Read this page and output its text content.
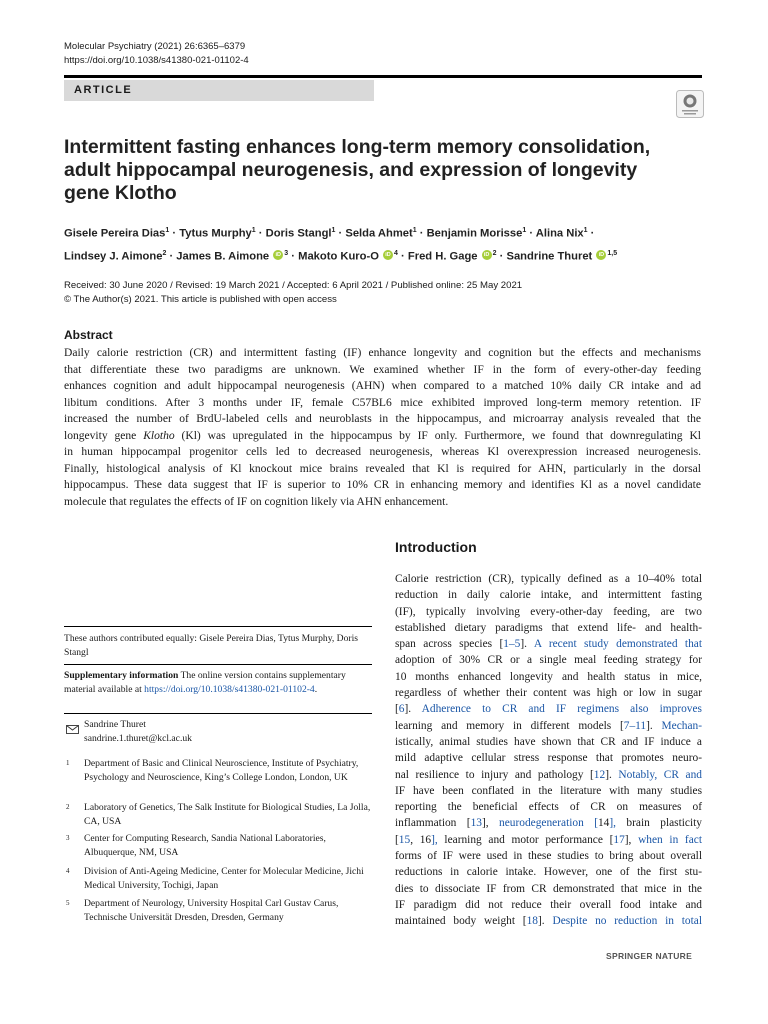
Molecular Psychiatry (2021) 26:6365–6379
https://doi.org/10.1038/s41380-021-01102-4
ARTICLE
Intermittent fasting enhances long-term memory consolidation, adult hippocampal neurogenesis, and expression of longevity gene Klotho
Gisele Pereira Dias$^1$ · Tytus Murphy$^1$ · Doris Stangl$^1$ · Selda Ahmet$^1$ · Benjamin Morisse$^1$ · Alina Nix$^1$ ·
Lindsey J. Aimone$^2$ · James B. Aimone iD $^3$ · Makoto Kuro-O iD $^4$ · Fred H. Gage iD $^2$ · Sandrine Thuret iD $^{1,5}$
Received: 30 June 2020 / Revised: 19 March 2021 / Accepted: 6 April 2021 / Published online: 25 May 2021
© The Author(s) 2021. This article is published with open access
Abstract
Daily calorie restriction (CR) and intermittent fasting (IF) enhance longevity and cognition but the effects and mechanisms
that differentiate these two paradigms are unknown. We examined whether IF in the form of every-other-day feeding
enhances cognition and adult hippocampal neurogenesis (AHN) when compared to a matched 10% daily CR intake and ad
libitum conditions. After 3 months under IF, female C57BL6 mice exhibited improved long-term memory retention. IF
increased the number of BrdU-labeled cells and neuroblasts in the hippocampus, and microarray analysis revealed that the
longevity gene Klotho (Kl) was upregulated in the hippocampus by IF only. Furthermore, we found that downregulating Kl
in human hippocampal progenitor cells led to decreased neurogenesis, whereas Kl overexpression increased neurogenesis.
Finally, histological analysis of Kl knockout mice brains revealed that Kl is required for AHN, particularly in the dorsal
hippocampus. These data suggest that IF is superior to 10% CR in enhancing memory and identifies Kl as a novel candidate
molecule that regulates the effects of IF on cognition likely via AHN enhancement.
Introduction
Calorie restriction (CR), typically defined as a 10–40% total
reduction in daily calorie intake, and intermittent fasting
(IF), typically involving every-other-day feeding, are two
established dietary paradigms that extend life- and health-
span across species [1–5]. A recent study demonstrated that
adoption of 30% CR or a single meal feeding strategy for
10 months enhanced longevity and health status in mice,
regardless of whether their content was high or low in sugar
[6]. Adherence to CR and IF regimens also improves
learning and memory in different models [7–11]. Mechan-
istically, animal studies have shown that CR and IF induce a
mild adaptive cellular stress response that promotes neuro-
nal resilience to injury and pathology [12]. Notably, CR and
IF have been conflated in the literature with many studies
reporting the beneficial effects of CR on measures of
inflammation [13], neurodegeneration [14], brain plasticity
[15, 16], learning and motor performance [17], when in fact
forms of IF were used in these studies to bring about overall
reductions in calorie intake. However, one of the first stu-
dies to dissociate IF from CR demonstrated that mice in the
IF paradigm did not reduce their overall food intake and
maintained body weight [18]. Despite no reduction in total
These authors contributed equally: Gisele Pereira Dias, Tytus Murphy, Doris Stangl
Supplementary information The online version contains supplementary material available at https://doi.org/10.1038/s41380-021-01102-4.
Sandrine Thuret
sandrine.1.thuret@kcl.ac.uk
1 Department of Basic and Clinical Neuroscience, Institute of Psychiatry, Psychology and Neuroscience, King’s College London, London, UK
2 Laboratory of Genetics, The Salk Institute for Biological Studies, La Jolla, CA, USA
3 Center for Computing Research, Sandia National Laboratories, Albuquerque, NM, USA
4 Division of Anti-Ageing Medicine, Center for Molecular Medicine, Jichi Medical University, Tochigi, Japan
5 Department of Neurology, University Hospital Carl Gustav Carus, Technische Universität Dresden, Dresden, Germany
SPRINGER NATURE
